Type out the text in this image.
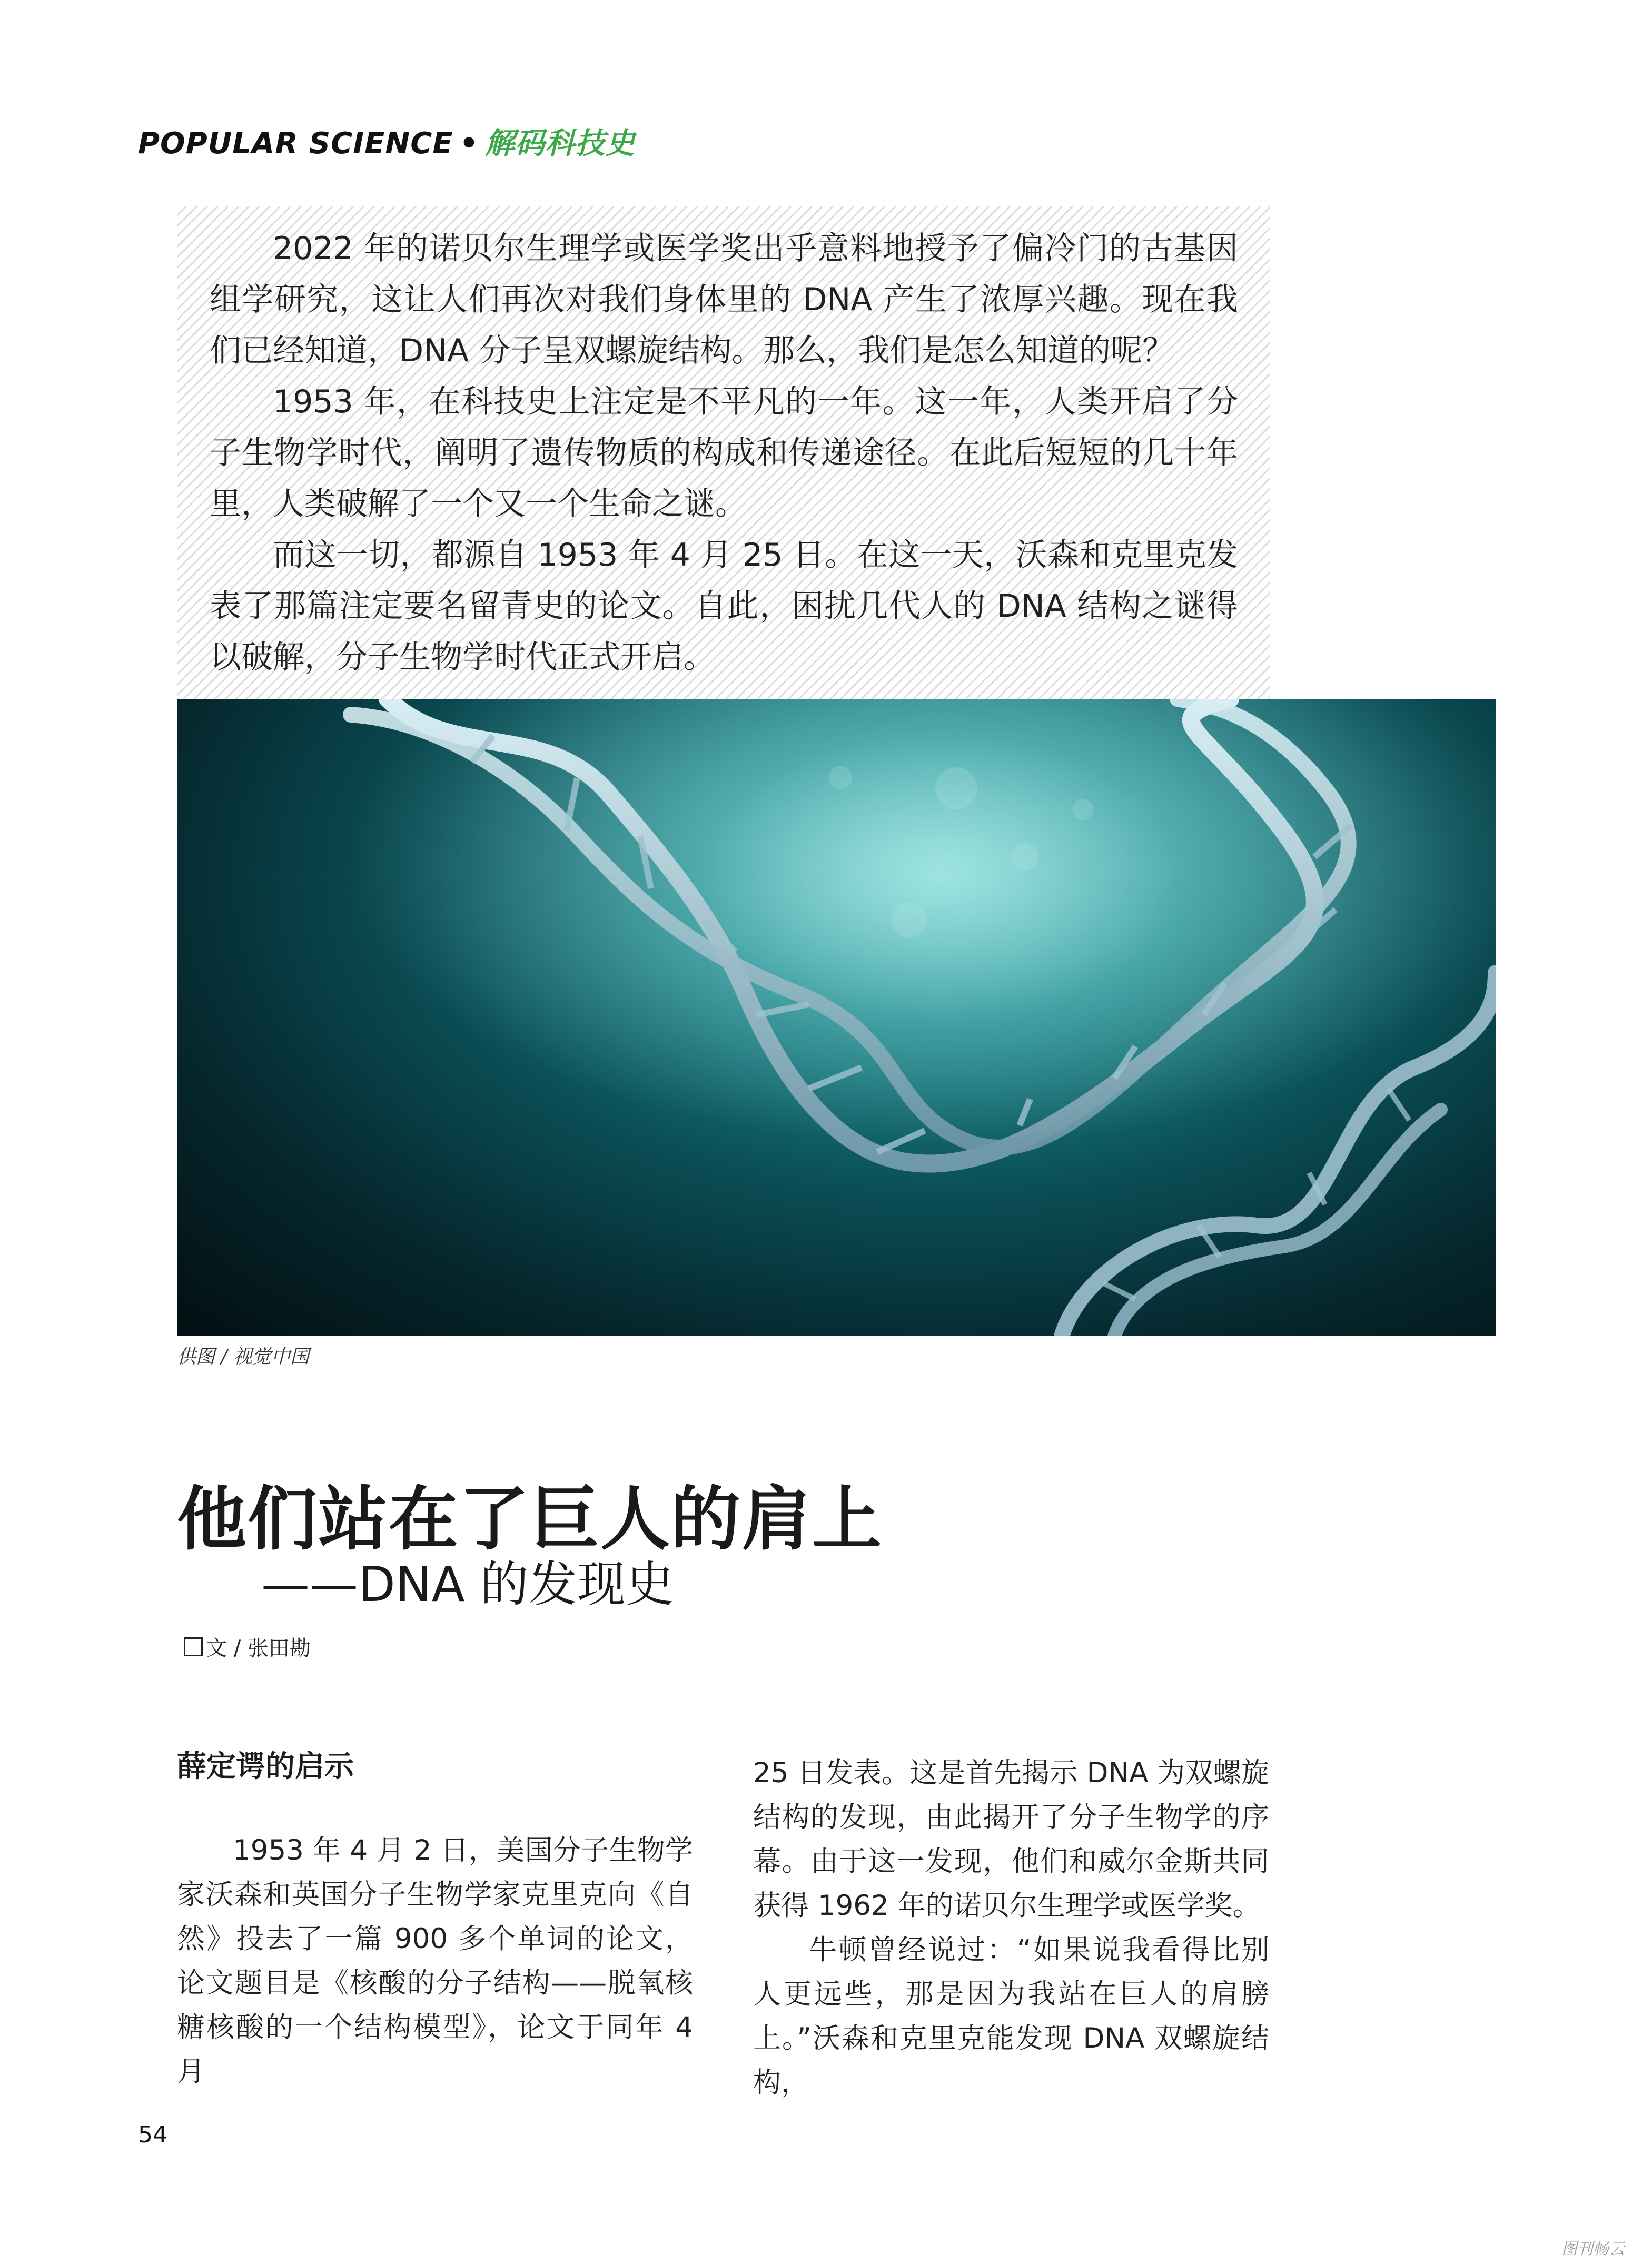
POPULAR SCIENCE • 解码科技史

2022 年的诺贝尔生理学或医学奖出乎意料地授予了偏冷门的古基因组学研究，这让人们再次对我们身体里的 DNA 产生了浓厚兴趣。现在我们已经知道，DNA 分子呈双螺旋结构。那么，我们是怎么知道的呢？

1953 年，在科技史上注定是不平凡的一年。这一年，人类开启了分子生物学时代，阐明了遗传物质的构成和传递途径。在此后短短的几十年里，人类破解了一个又一个生命之谜。

而这一切，都源自 1953 年 4 月 25 日。在这一天，沃森和克里克发表了那篇注定要名留青史的论文。自此，困扰几代人的 DNA 结构之谜得以破解，分子生物学时代正式开启。

供图 / 视觉中国
他们站在了巨人的肩上
——DNA 的发现史
文 / 张田勘
薛定谔的启示

1953 年 4 月 2 日，美国分子生物学家沃森和英国分子生物学家克里克向《自然》投去了一篇 900 多个单词的论文，论文题目是《核酸的分子结构——脱氧核糖核酸的一个结构模型》，论文于同年 4 月

25 日发表。这是首先揭示 DNA 为双螺旋结构的发现，由此揭开了分子生物学的序幕。由于这一发现，他们和威尔金斯共同获得 1962 年的诺贝尔生理学或医学奖。

牛顿曾经说过：“如果说我看得比别人更远些，那是因为我站在巨人的肩膀上。”沃森和克里克能发现 DNA 双螺旋结构，

54
图刊畅云
